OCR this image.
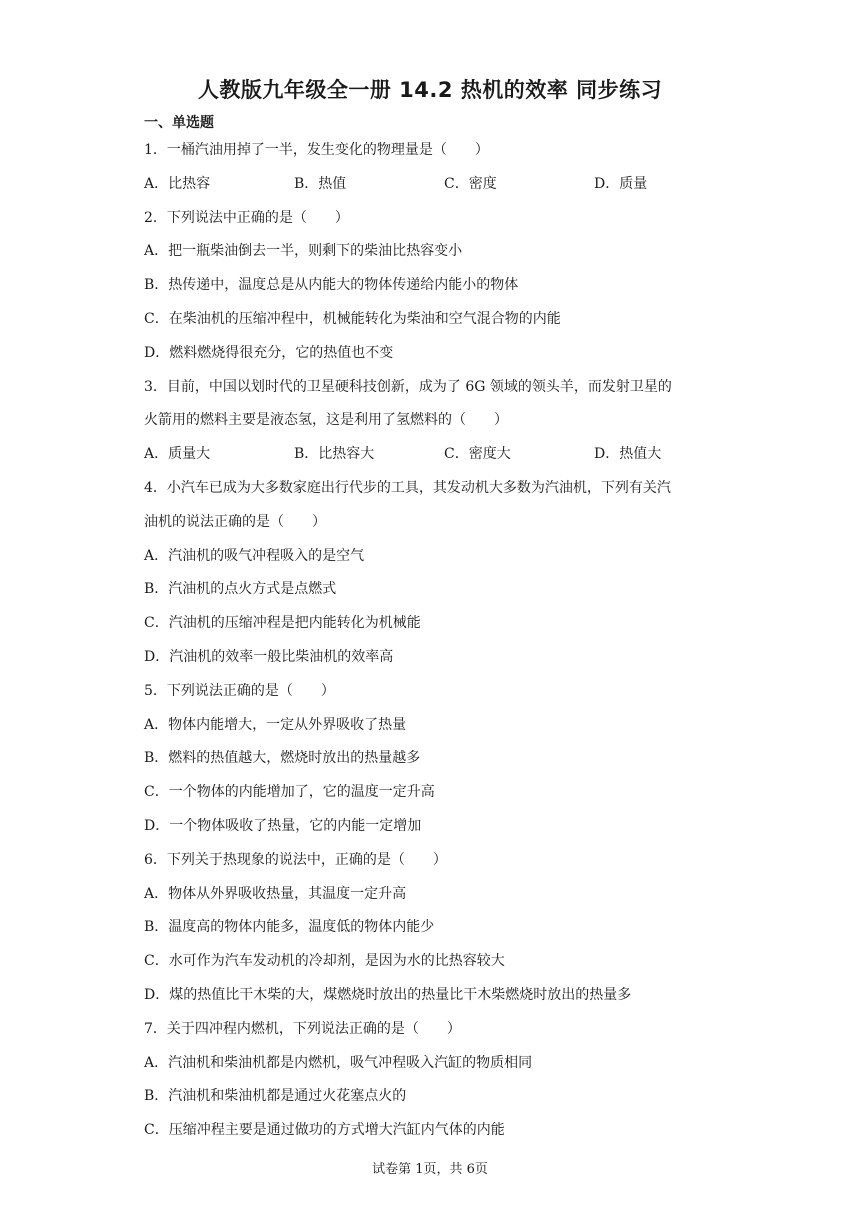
人教版九年级全一册 14.2 热机的效率 同步练习
一、单选题
1．一桶汽油用掉了一半，发生变化的物理量是（　　）
A．比热容	B．热值	C．密度	D．质量
2．下列说法中正确的是（　　）
A．把一瓶柴油倒去一半，则剩下的柴油比热容变小
B．热传递中，温度总是从内能大的物体传递给内能小的物体
C．在柴油机的压缩冲程中，机械能转化为柴油和空气混合物的内能
D．燃料燃烧得很充分，它的热值也不变
3．目前，中国以划时代的卫星硬科技创新，成为了 6G 领域的领头羊，而发射卫星的
火箭用的燃料主要是液态氢，这是利用了氢燃料的（　　）
A．质量大	B．比热容大	C．密度大	D．热值大
4．小汽车已成为大多数家庭出行代步的工具，其发动机大多数为汽油机，下列有关汽
油机的说法正确的是（　　）
A．汽油机的吸气冲程吸入的是空气
B．汽油机的点火方式是点燃式
C．汽油机的压缩冲程是把内能转化为机械能
D．汽油机的效率一般比柴油机的效率高
5．下列说法正确的是（　　）
A．物体内能增大，一定从外界吸收了热量
B．燃料的热值越大，燃烧时放出的热量越多
C．一个物体的内能增加了，它的温度一定升高
D．一个物体吸收了热量，它的内能一定增加
6．下列关于热现象的说法中，正确的是（　　）
A．物体从外界吸收热量，其温度一定升高
B．温度高的物体内能多，温度低的物体内能少
C．水可作为汽车发动机的冷却剂，是因为水的比热容较大
D．煤的热值比干木柴的大，煤燃烧时放出的热量比干木柴燃烧时放出的热量多
7．关于四冲程内燃机，下列说法正确的是（　　）
A．汽油机和柴油机都是内燃机，吸气冲程吸入汽缸的物质相同
B．汽油机和柴油机都是通过火花塞点火的
C．压缩冲程主要是通过做功的方式增大汽缸内气体的内能
试卷第 1页，共 6页
